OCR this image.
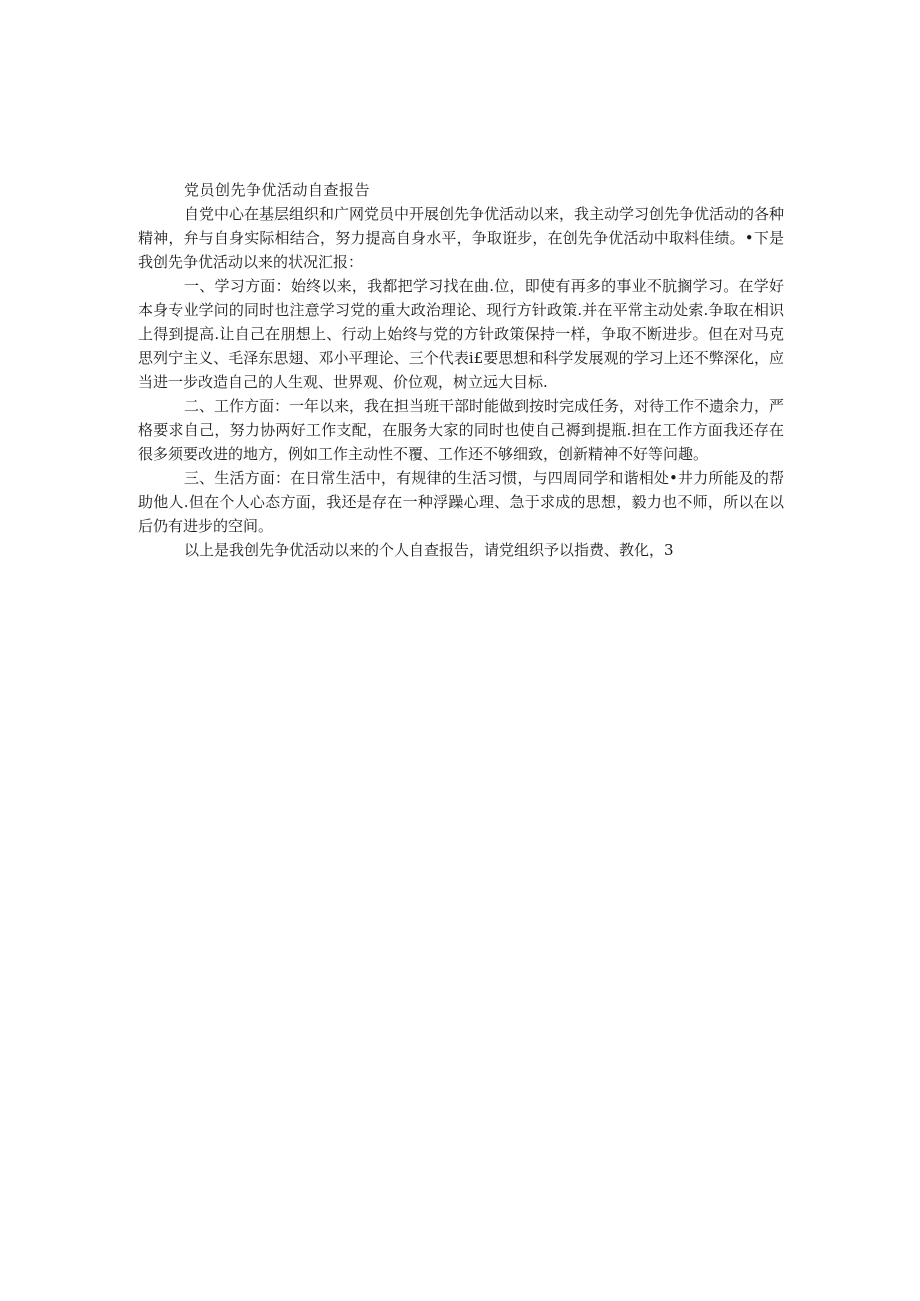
党员创先争优活动自查报告

自党中心在基层组织和广网党员中开展创先争优活动以来，我主动学习创先争优活动的各种精神，弁与自身实际相结合，努力提高自身水平，争取诳步，在创先争优活动中取料佳绩。•下是我创先争优活动以来的状况汇报：

一、学习方面：始终以来，我都把学习找在曲.位，即使有再多的事业不肮搁学习。在学好本身专业学问的同时也注意学习党的重大政治理论、现行方针政策.并在平常主动处索.争取在相识上得到提高.让自己在朋想上、行动上始终与党的方针政策保持一样，争取不断进步。但在对马克思列宁主义、毛泽东思翅、邓小平理论、三个代表i£要思想和科学发展观的学习上还不弊深化，应当进一步改造自己的人生观、世界观、价位观，树立远大目标.

二、工作方面：一年以来，我在担当班干部时能做到按时完成任务，对待工作不遗余力，严格要求自己，努力协两好工作支配，在服务大家的同时也使自己褥到提瓶.担在工作方面我还存在很多须要改进的地方，例如工作主动性不覆、工作还不够细致，创新精神不好等问趣。

三、生活方面：在日常生活中，有规律的生活习惯，与四周同学和谐相处•井力所能及的帮助他人.但在个人心态方面，我还是存在一种浮躁心理、急于求成的思想，毅力也不师，所以在以后仍有进步的空间。

以上是我创先争优活动以来的个人自查报告，请党组织予以指费、教化，3
